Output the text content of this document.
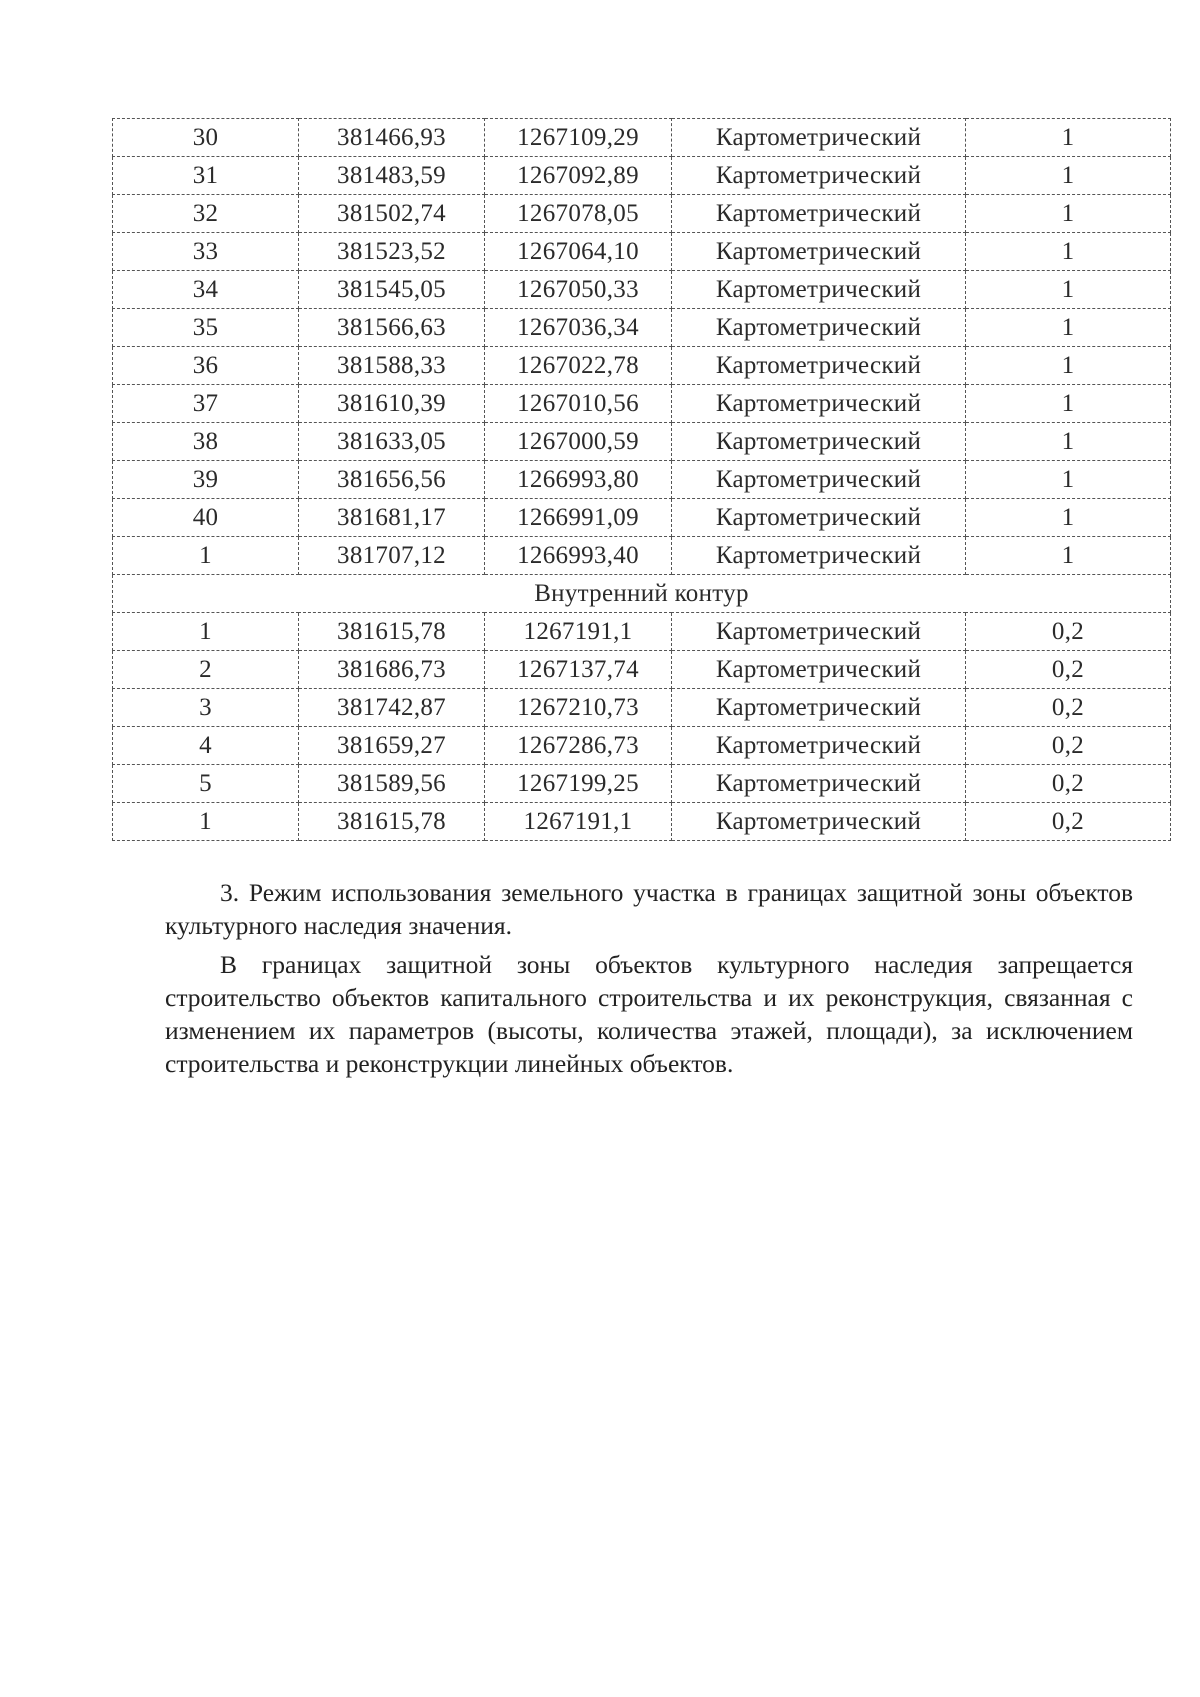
30	381466,93	1267109,29	Картометрический	1
31	381483,59	1267092,89	Картометрический	1
32	381502,74	1267078,05	Картометрический	1
33	381523,52	1267064,10	Картометрический	1
34	381545,05	1267050,33	Картометрический	1
35	381566,63	1267036,34	Картометрический	1
36	381588,33	1267022,78	Картометрический	1
37	381610,39	1267010,56	Картометрический	1
38	381633,05	1267000,59	Картометрический	1
39	381656,56	1266993,80	Картометрический	1
40	381681,17	1266991,09	Картометрический	1
1	381707,12	1266993,40	Картометрический	1
Внутренний контур				
1	381615,78	1267191,1	Картометрический	0,2
2	381686,73	1267137,74	Картометрический	0,2
3	381742,87	1267210,73	Картометрический	0,2
4	381659,27	1267286,73	Картометрический	0,2
5	381589,56	1267199,25	Картометрический	0,2
1	381615,78	1267191,1	Картометрический	0,2

3. Режим использования земельного участка в границах защитной зоны объектов культурного наследия значения.

В границах защитной зоны объектов культурного наследия запрещается строительство объектов капитального строительства и их реконструкция, связанная с изменением их параметров (высоты, количества этажей, площади), за исключением строительства и реконструкции линейных объектов.
